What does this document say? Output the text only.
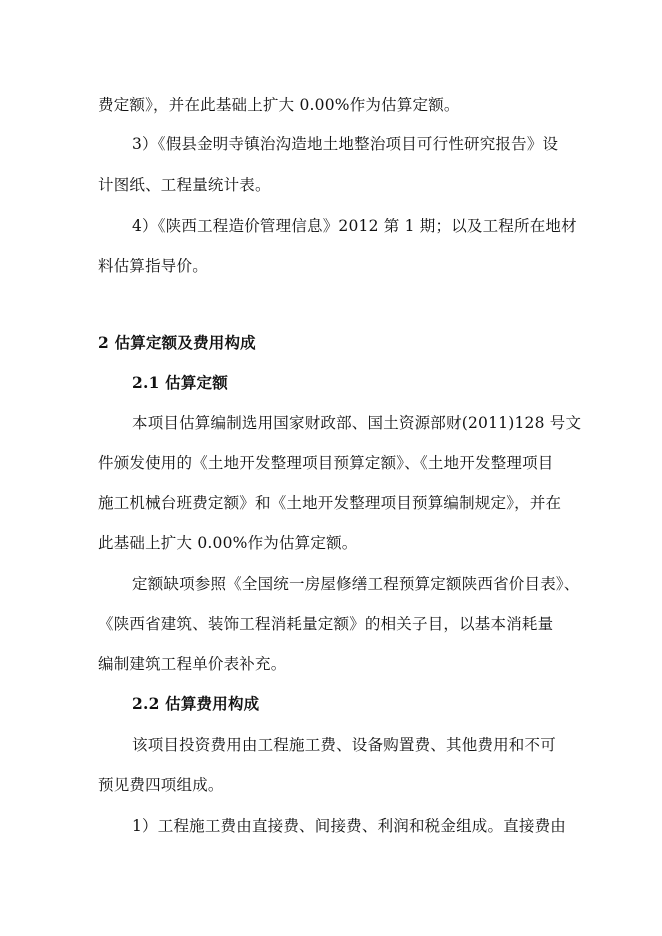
费定额》，并在此基础上扩大 0.00%作为估算定额。
3）《假县金明寺镇治沟造地土地整治项目可行性研究报告》设
计图纸、工程量统计表。
4）《陕西工程造价管理信息》2012 第 1 期；以及工程所在地材
料估算指导价。
2 估算定额及费用构成
2.1 估算定额
本项目估算编制选用国家财政部、国土资源部财(2011)128 号文
件颁发使用的《土地开发整理项目预算定额》、《土地开发整理项目
施工机械台班费定额》和《土地开发整理项目预算编制规定》，并在
此基础上扩大 0.00%作为估算定额。
定额缺项参照《全国统一房屋修缮工程预算定额陕西省价目表》、
《陕西省建筑、装饰工程消耗量定额》的相关子目，以基本消耗量
编制建筑工程单价表补充。
2.2 估算费用构成
该项目投资费用由工程施工费、设备购置费、其他费用和不可
预见费四项组成。
1）工程施工费由直接费、间接费、利润和税金组成。直接费由
